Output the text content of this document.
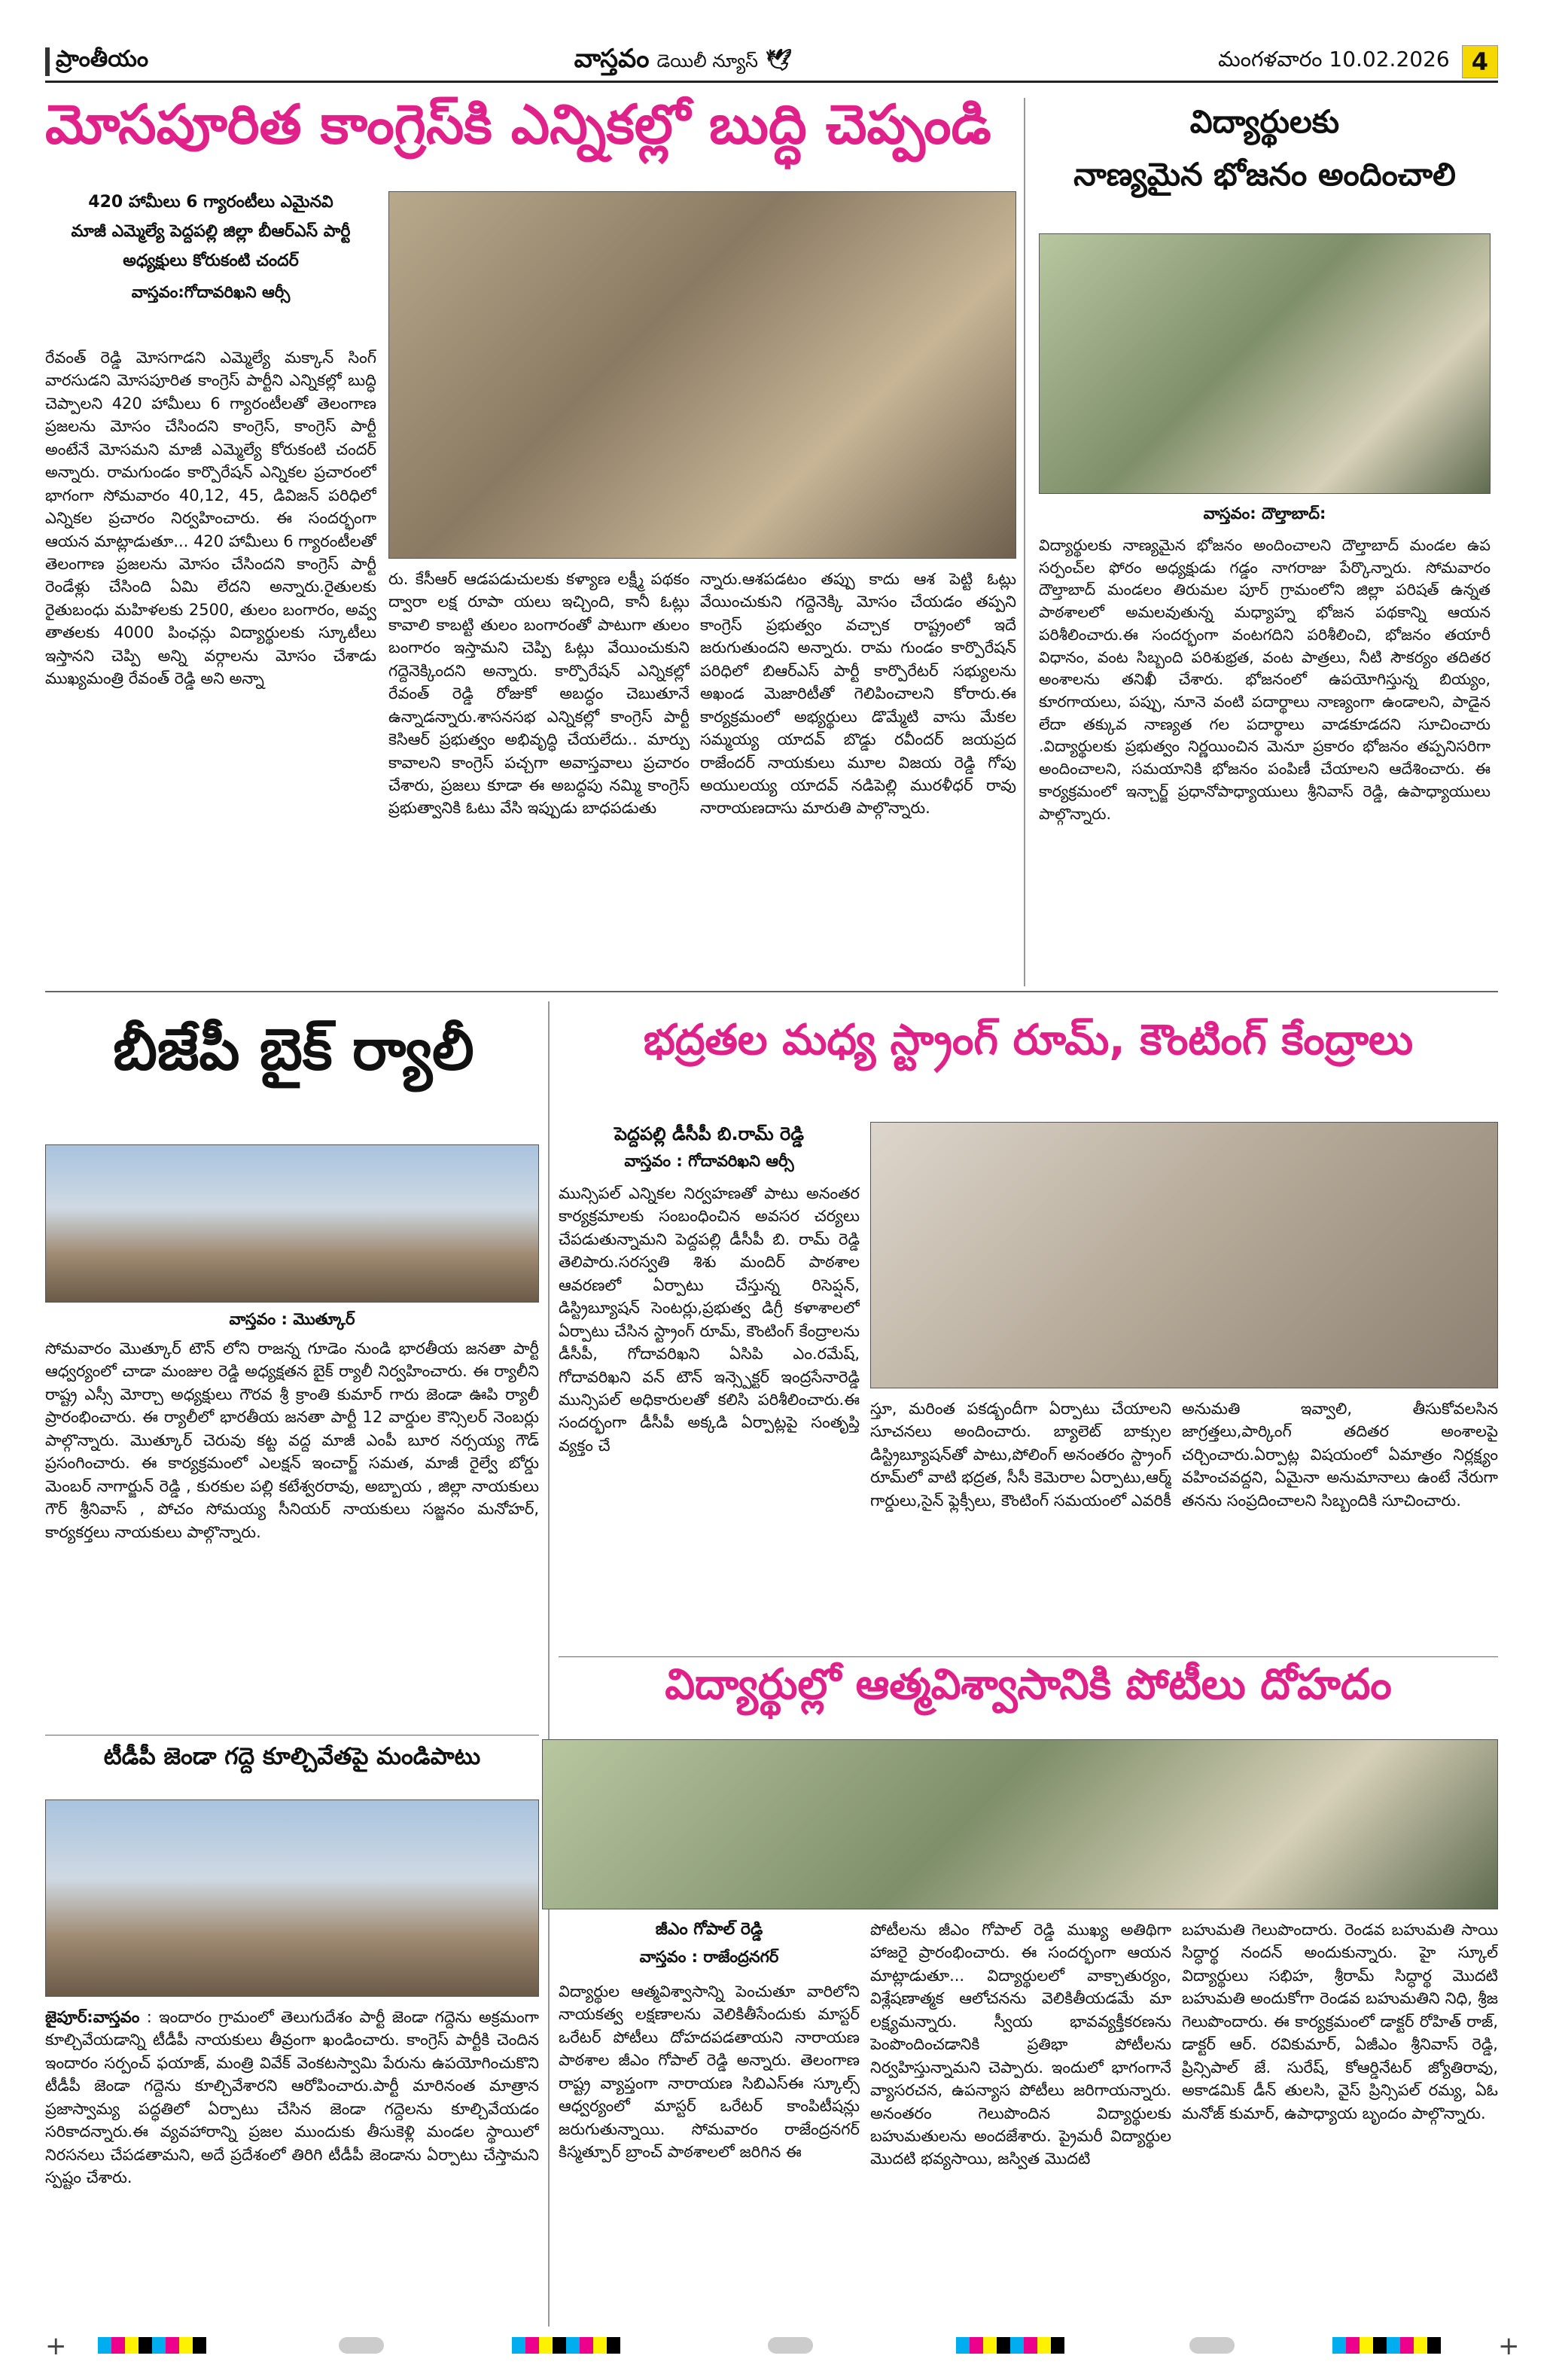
ప్రాంతీయం	వాస్తవం డెయిలీ న్యూస్ 🕊	మంగళవారం 10.02.2026 4
మోసపూరిత కాంగ్రెస్‌కి ఎన్నికల్లో బుద్ధి చెప్పండి
420 హామీలు 6 గ్యారంటీలు ఎమైనవి
మాజీ ఎమ్మెల్యే పెద్దపల్లి జిల్లా బీఆర్ఎస్ పార్టీ
అధ్యక్షులు కోరుకంటి చందర్
వాస్తవం:గోదావరిఖని ఆర్సీ
రేవంత్ రెడ్డి మోసగాడని ఎమ్మెల్యే మక్కాన్ సింగ్ వారసుడని మోసపూరిత కాంగ్రెస్ పార్టీని ఎన్నికల్లో బుద్ధి చెప్పాలని 420 హామీలు 6 గ్యారంటీలతో తెలంగాణ ప్రజలను మోసం చేసిందని కాంగ్రెస్, కాంగ్రెస్ పార్టీ అంటేనే మోసమని మాజీ ఎమ్మెల్యే కోరుకంటి చందర్ అన్నారు. రామగుండం కార్పొరేషన్ ఎన్నికల ప్రచారంలో భాగంగా సోమవారం 40,12, 45, డివిజన్ పరిధిలో ఎన్నికల ప్రచారం నిర్వహించారు. ఈ సందర్భంగా ఆయన మాట్లాడుతూ... 420 హామీలు 6 గ్యారంటీలతో తెలంగాణ ప్రజలను మోసం చేసిందని కాంగ్రెస్ పార్టీ రెండేళ్లు చేసింది ఏమి లేదని అన్నారు.రైతులకు రైతుబంధు మహిళలకు 2500, తులం బంగారం, అవ్వ తాతలకు 4000 పింఛన్లు విద్యార్థులకు స్కూటీలు ఇస్తానని చెప్పి అన్ని వర్గాలను మోసం చేశాడు ముఖ్యమంత్రి రేవంత్ రెడ్డి అని అన్నా
రు. కేసీఆర్ ఆడపడుచులకు కళ్యాణ లక్ష్మీ పథకం ద్వారా లక్ష రూపా యలు ఇచ్చింది, కానీ ఓట్లు కావాలి కాబట్టి తులం బంగారంతో పాటుగా తులం బంగారం ఇస్తామని చెప్పి ఓట్లు వేయించుకుని గద్దెనెక్కిందని అన్నారు. కార్పొరేషన్ ఎన్నికల్లో రేవంత్ రెడ్డి రోజుకో అబద్ధం చెబుతూనే ఉన్నాడన్నారు.శాసనసభ ఎన్నికల్లో కాంగ్రెస్ పార్టీ కెసిఆర్ ప్రభుత్వం అభివృద్ధి చేయలేదు.. మార్పు కావాలని కాంగ్రెస్ పచ్చగా అవాస్తవాలు ప్రచారం చేశారు, ప్రజలు కూడా ఈ అబద్ధపు నమ్మి కాంగ్రెస్ ప్రభుత్వానికి ఓటు వేసి ఇప్పుడు బాధపడుతు
న్నారు.ఆశపడటం తప్పు కాదు ఆశ పెట్టి ఓట్లు వేయించుకుని గద్దెనెక్కి మోసం చేయడం తప్పని కాంగ్రెస్ ప్రభుత్వం వచ్చాక రాష్ట్రంలో ఇదే జరుగుతుందని అన్నారు. రామ గుండం కార్పొరేషన్ పరిధిలో బిఆర్ఎస్ పార్టీ కార్పొరేటర్ సభ్యులను అఖండ మెజారిటీతో గెలిపించాలని కోరారు.ఈ కార్యక్రమంలో అభ్యర్థులు డొమ్మేటి వాసు మేకల సమ్మయ్య యాదవ్ బొడ్డు రవీందర్ జయప్రద రాజేందర్ నాయకులు మూల విజయ రెడ్డి గోపు అయులయ్య యాదవ్ నడిపెల్లి మురళీధర్ రావు నారాయణదాసు మారుతి పాల్గొన్నారు.
విద్యార్థులకు
నాణ్యమైన భోజనం అందించాలి
వాస్తవం: దౌల్తాబాద్:
విద్యార్థులకు నాణ్యమైన భోజనం అందించాలని దౌల్తాబాద్ మండల ఉప సర్పంచ్‌ల ఫోరం అధ్యక్షుడు గడ్డం నాగరాజు పేర్కొన్నారు. సోమవారం దౌల్తాబాద్ మండలం తిరుమల పూర్ గ్రామంలోని జిల్లా పరిషత్ ఉన్నత పాఠశాలలో అమలవుతున్న మధ్యాహ్న భోజన పథకాన్ని ఆయన పరిశీలించారు.ఈ సందర్భంగా వంటగదిని పరిశీలించి, భోజనం తయారీ విధానం, వంట సిబ్బంది పరిశుభ్రత, వంట పాత్రలు, నీటి సౌకర్యం తదితర అంశాలను తనిఖీ చేశారు. భోజనంలో ఉపయోగిస్తున్న బియ్యం, కూరగాయలు, పప్పు, నూనె వంటి పదార్థాలు నాణ్యంగా ఉండాలని, పాడైన లేదా తక్కువ నాణ్యత గల పదార్థాలు వాడకూడదని సూచించారు .విద్యార్థులకు ప్రభుత్వం నిర్ణయించిన మెనూ ప్రకారం భోజనం తప్పనిసరిగా అందించాలని, సమయానికి భోజనం పంపిణీ చేయాలని ఆదేశించారు. ఈ కార్యక్రమంలో ఇన్చార్జ్ ప్రధానోపాధ్యాయులు శ్రీనివాస్ రెడ్డి, ఉపాధ్యాయులు పాల్గొన్నారు.
బీజేపీ బైక్ ర్యాలీ
వాస్తవం : మొత్కూర్
సోమవారం మొత్కూర్ టౌన్ లోని రాజన్న గూడెం నుండి భారతీయ జనతా పార్టీ ఆధ్వర్యంలో చాడా మంజుల రెడ్డి అధ్యక్షతన బైక్ ర్యాలీ నిర్వహించారు. ఈ ర్యాలీని రాష్ట్ర ఎస్సీ మోర్చా అధ్యక్షులు గౌరవ శ్రీ క్రాంతి కుమార్ గారు జెండా ఊపి ర్యాలీ ప్రారంభించారు. ఈ ర్యాలీలో భారతీయ జనతా పార్టీ 12 వార్డుల కౌన్సిలర్ నెంబర్లు పాల్గొన్నారు. మొత్కూర్ చెరువు కట్ట వద్ద మాజీ ఎంపీ బూర నర్సయ్య గౌడ్ ప్రసంగించారు. ఈ కార్యక్రమంలో ఎలక్షన్ ఇంచార్జ్ సమత, మాజీ రైల్వే బోర్డు మెంబర్ నాగార్జున్ రెడ్డి , కురకుల పల్లి కటేశ్వరరావు, అబ్బాయ , జిల్లా నాయకులు గౌర్ శ్రీనివాస్ , పోచం సోమయ్య సీనియర్ నాయకులు సజ్జనం మనోహర్, కార్యకర్తలు నాయకులు పాల్గొన్నారు.
టీడీపీ జెండా గద్దె కూల్చివేతపై మండిపాటు
జైపూర్:వాస్తవం : ఇందారం గ్రామంలో తెలుగుదేశం పార్టీ జెండా గద్దెను అక్రమంగా కూల్చివేయడాన్ని టీడీపీ నాయకులు తీవ్రంగా ఖండించారు. కాంగ్రెస్ పార్టీకి చెందిన ఇందారం సర్పంచ్ ఫయాజ్, మంత్రి వివేక్ వెంకటస్వామి పేరును ఉపయోగించుకొని టీడీపీ జెండా గద్దెను కూల్చివేశారని ఆరోపించారు.పార్టీ మారినంత మాత్రాన ప్రజాస్వామ్య పద్ధతిలో ఏర్పాటు చేసిన జెండా గద్దెలను కూల్చివేయడం సరికాదన్నారు.ఈ వ్యవహారాన్ని ప్రజల ముందుకు తీసుకెళ్లి మండల స్థాయిలో నిరసనలు చేపడతామని, అదే ప్రదేశంలో తిరిగి టీడీపీ జెండాను ఏర్పాటు చేస్తామని స్పష్టం చేశారు.
భద్రతల మధ్య స్ట్రాంగ్ రూమ్, కౌంటింగ్ కేంద్రాలు
పెద్దపల్లి డీసీపీ బి.రామ్ రెడ్డి
వాస్తవం : గోదావరిఖని ఆర్సీ
మున్సిపల్ ఎన్నికల నిర్వహణతో పాటు అనంతర కార్యక్రమాలకు సంబంధించిన అవసర చర్యలు చేపడుతున్నామని పెద్దపల్లి డీసీపీ బి. రామ్ రెడ్డి తెలిపారు.సరస్వతి శిశు మందిర్ పాఠశాల ఆవరణలో ఏర్పాటు చేస్తున్న రిసెప్షన్, డిస్ట్రిబ్యూషన్ సెంటర్లు,ప్రభుత్వ డిగ్రీ కళాశాలలో ఏర్పాటు చేసిన స్ట్రాంగ్ రూమ్, కౌంటింగ్ కేంద్రాలను డీసీపీ, గోదావరిఖని ఏసిపి ఎం.రమేష్, గోదావరిఖని వన్ టౌన్ ఇన్స్పెక్టర్ ఇంద్రసేనారెడ్డి మున్సిపల్ అధికారులతో కలిసి పరిశీలించారు.ఈ సందర్భంగా డీసీపీ అక్కడి ఏర్పాట్లపై సంతృప్తి వ్యక్తం చే
స్తూ, మరింత పకడ్బందీగా ఏర్పాటు చేయాలని సూచనలు అందించారు. బ్యాలెట్ బాక్సుల డిస్ట్రిబ్యూషన్‌తో పాటు,పోలింగ్ అనంతరం స్ట్రాంగ్ రూమ్‌లో వాటి భద్రత, సీసీ కెమెరాల ఏర్పాటు,ఆర్మ్ గార్డులు,సైన్ ఫ్లెక్సీలు, కౌంటింగ్ సమయంలో ఎవరికీ
అనుమతి ఇవ్వాలి, తీసుకోవలసిన జాగ్రత్తలు,పార్కింగ్ తదితర అంశాలపై చర్చించారు.ఏర్పాట్ల విషయంలో ఏమాత్రం నిర్లక్ష్యం వహించవద్దని, ఏమైనా అనుమానాలు ఉంటే నేరుగా తనను సంప్రదించాలని సిబ్బందికి సూచించారు.
విద్యార్థుల్లో ఆత్మవిశ్వాసానికి పోటీలు దోహదం
జీఎం గోపాల్ రెడ్డి
వాస్తవం : రాజేంద్రనగర్
విద్యార్థుల ఆత్మవిశ్వాసాన్ని పెంచుతూ వారిలోని నాయకత్వ లక్షణాలను వెలికితీసేందుకు మాస్టర్ ఒరేటర్ పోటీలు దోహదపడతాయని నారాయణ పాఠశాల జీఎం గోపాల్ రెడ్డి అన్నారు. తెలంగాణ రాష్ట్ర వ్యాప్తంగా నారాయణ సిబిఎస్ఈ స్కూల్స్ ఆధ్వర్యంలో మాస్టర్ ఒరేటర్ కాంపిటీషన్లు జరుగుతున్నాయి. సోమవారం రాజేంద్రనగర్ కిస్మత్పూర్ బ్రాంచ్ పాఠశాలలో జరిగిన ఈ
పోటీలను జీఎం గోపాల్ రెడ్డి ముఖ్య అతిథిగా హాజరై ప్రారంభించారు. ఈ సందర్భంగా ఆయన మాట్లాడుతూ... విద్యార్థులలో వాక్చాతుర్యం, విశ్లేషణాత్మక ఆలోచనను వెలికితీయడమే మా లక్ష్యమన్నారు. స్వీయ భావవ్యక్తీకరణను పెంపొందించడానికి ప్రతిభా పోటీలను నిర్వహిస్తున్నామని చెప్పారు. ఇందులో భాగంగానే వ్యాసరచన, ఉపన్యాస పోటీలు జరిగాయన్నారు. అనంతరం గెలుపొందిన విద్యార్థులకు బహుమతులను అందజేశారు. ప్రైమరీ విద్యార్థుల మొదటి భవ్యసాయి, జస్విత మొదటి
బహుమతి గెలుపొందారు. రెండవ బహుమతి సాయి సిద్ధార్థ నందన్ అందుకున్నారు. హై స్కూల్ విద్యార్థులు సభిహ, శ్రీరామ్ సిద్ధార్థ మొదటి బహుమతి అందుకోగా రెండవ బహుమతిని నిధి, శ్రీజ గెలుపొందారు. ఈ కార్యక్రమంలో డాక్టర్ రోహిత్ రాజ్, డాక్టర్ ఆర్. రవికుమార్, ఏజీఎం శ్రీనివాస్ రెడ్డి, ప్రిన్సిపాల్ జే. సురేష్, కోఆర్డినేటర్ జ్యోతిరావు, అకాడమిక్ డీన్ తులసి, వైస్ ప్రిన్సిపల్ రమ్య, ఏఓ మనోజ్ కుమార్, ఉపాధ్యాయ బృందం పాల్గొన్నారు.
+	+
